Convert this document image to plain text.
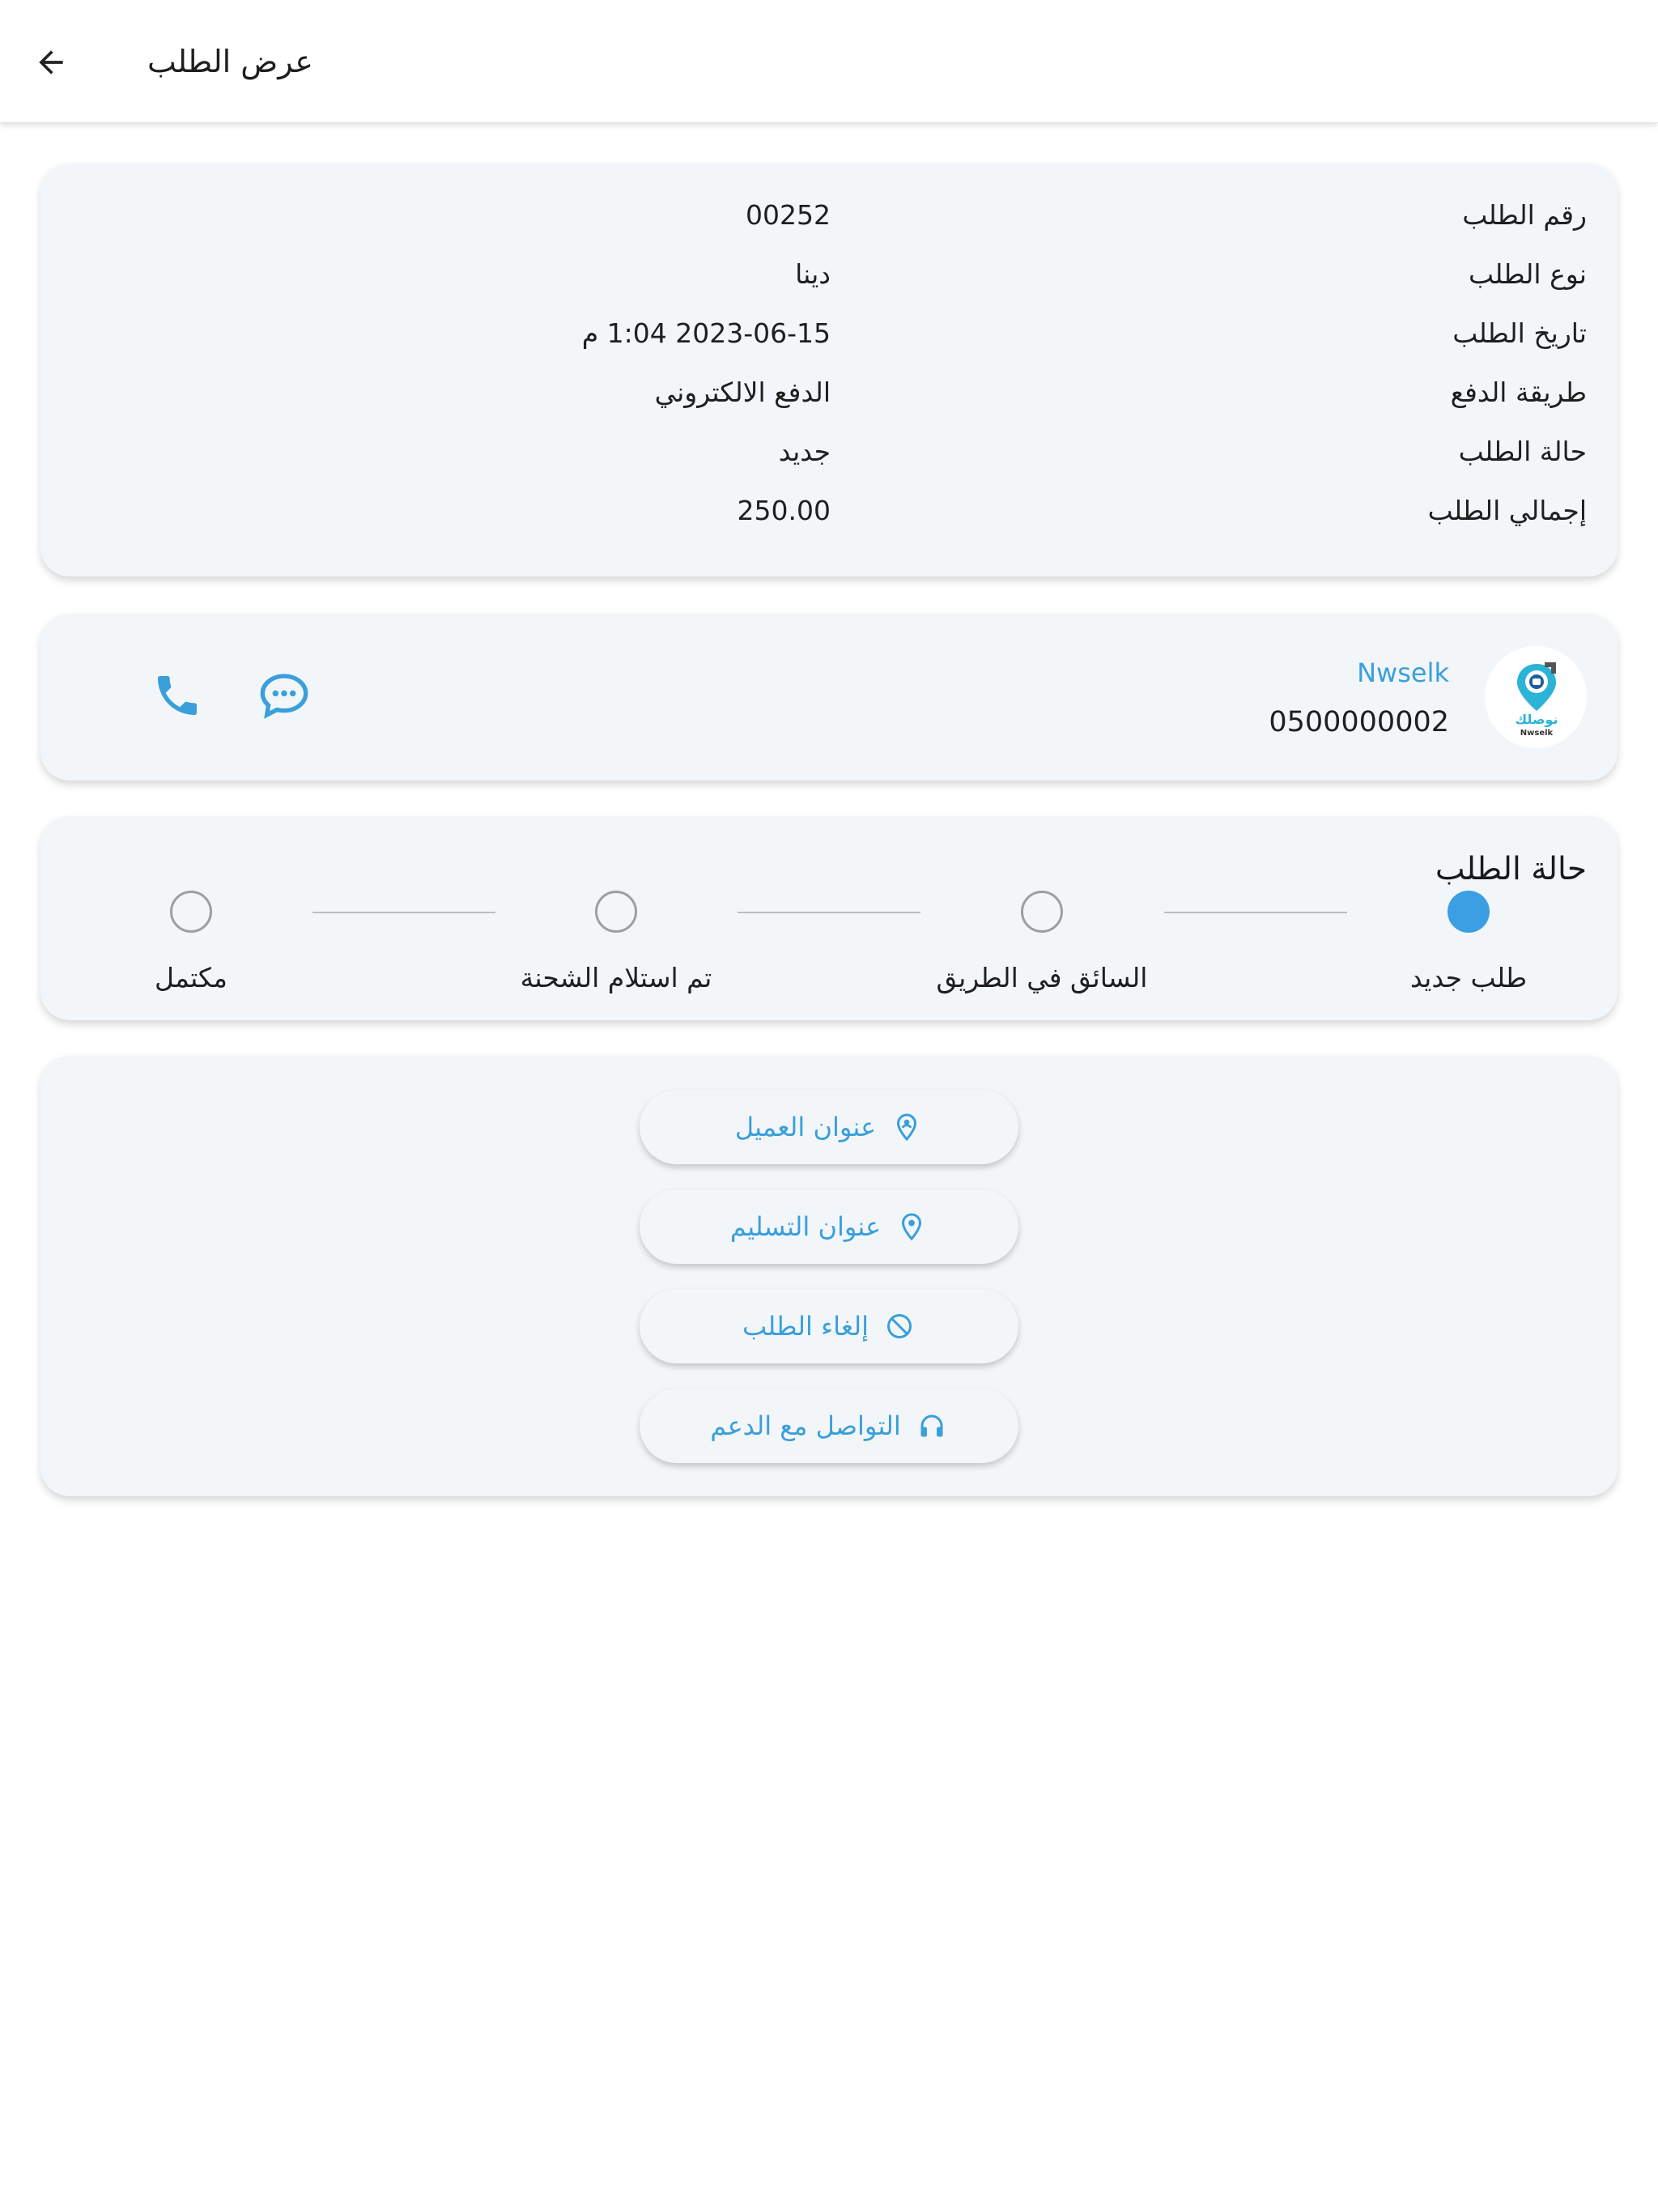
عرض الطلب
رقم الطلب
00252
نوع الطلب
دينا
تاريخ الطلب
2023-06-15 1:04 م
طريقة الدفع
الدفع الالكتروني
حالة الطلب
جديد
إجمالي الطلب
250.00
نوصلك
Nwselk
Nwselk
0500000002
حالة الطلب
طلب جديد
السائق في الطريق
تم استلام الشحنة
مكتمل
عنوان العميل
عنوان التسليم
إلغاء الطلب
التواصل مع الدعم
